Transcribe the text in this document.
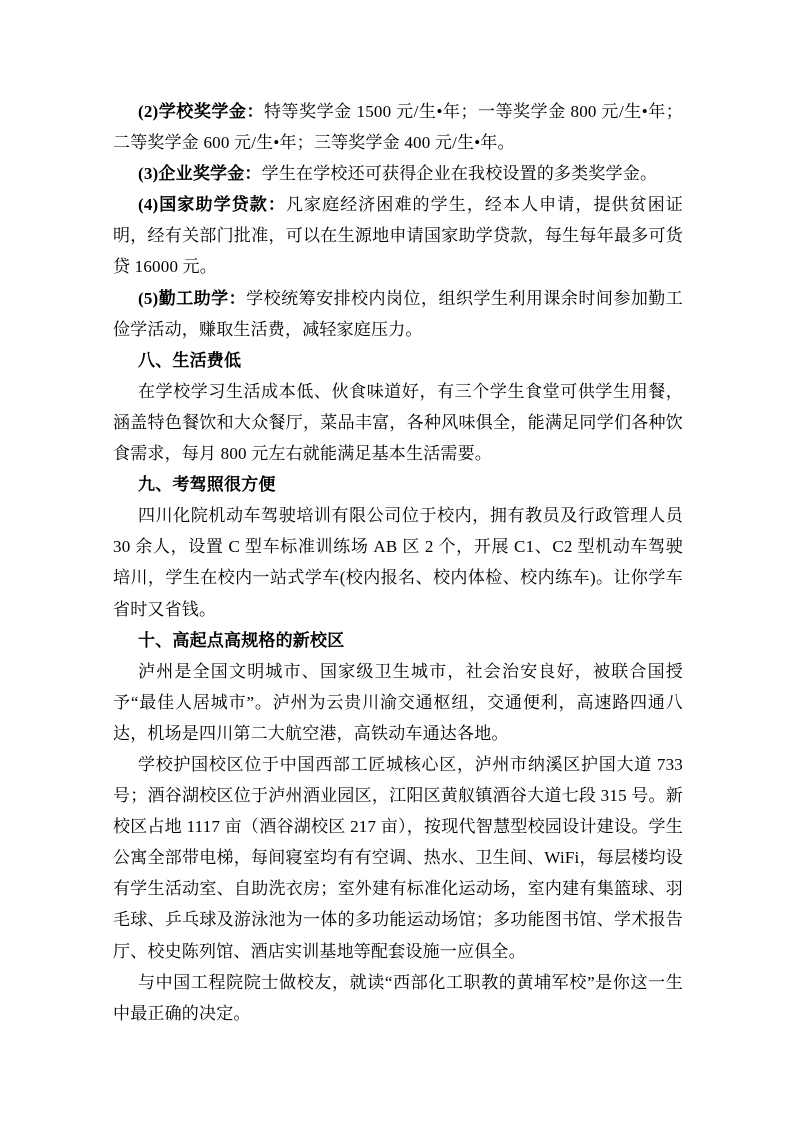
(2)学校奖学金：特等奖学金 1500 元/生•年；一等奖学金 800 元/生•年；二等奖学金 600 元/生•年；三等奖学金 400 元/生•年。

(3)企业奖学金：学生在学校还可获得企业在我校设置的多类奖学金。

(4)国家助学贷款：凡家庭经济困难的学生，经本人申请，提供贫困证明，经有关部门批准，可以在生源地申请国家助学贷款，每生每年最多可货贷 16000 元。

(5)勤工助学：学校统筹安排校内岗位，组织学生利用课余时间参加勤工俭学活动，赚取生活费，减轻家庭压力。

八、生活费低

在学校学习生活成本低、伙食味道好，有三个学生食堂可供学生用餐，涵盖特色餐饮和大众餐厅，菜品丰富，各种风味俱全，能满足同学们各种饮食需求，每月 800 元左右就能满足基本生活需要。

九、考驾照很方便

四川化院机动车驾驶培训有限公司位于校内，拥有教员及行政管理人员 30 余人，设置 C 型车标准训练场 AB 区 2 个，开展 C1、C2 型机动车驾驶培川，学生在校内一站式学车(校内报名、校内体检、校内练车)。让你学车省时又省钱。

十、高起点高规格的新校区

泸州是全国文明城市、国家级卫生城市，社会治安良好，被联合国授予“最佳人居城市”。泸州为云贵川渝交通枢纽，交通便利，高速路四通八达，机场是四川第二大航空港，高铁动车通达各地。

学校护国校区位于中国西部工匠城核心区，泸州市纳溪区护国大道 733 号；酒谷湖校区位于泸州酒业园区，江阳区黄舣镇酒谷大道七段 315 号。新校区占地 1117 亩（酒谷湖校区 217 亩），按现代智慧型校园设计建设。学生公寓全部带电梯，每间寝室均有有空调、热水、卫生间、WiFi，每层楼均设有学生活动室、自助洗衣房；室外建有标准化运动场，室内建有集篮球、羽毛球、乒乓球及游泳池为一体的多功能运动场馆；多功能图书馆、学术报告厅、校史陈列馆、酒店实训基地等配套设施一应俱全。

与中国工程院院士做校友，就读“西部化工职教的黄埔军校”是你这一生中最正确的决定。
